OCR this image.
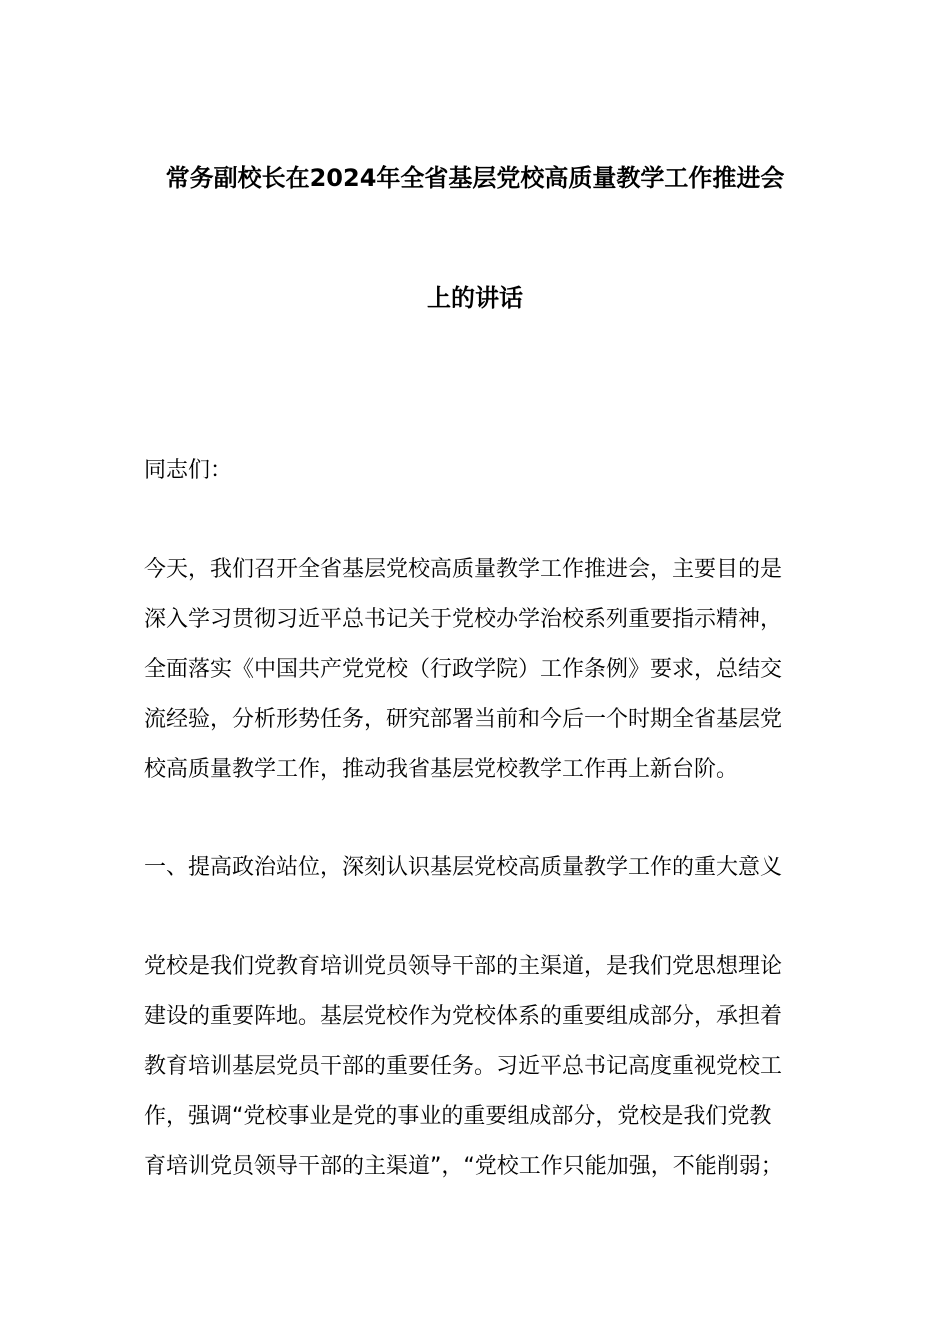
常务副校长在2024年全省基层党校高质量教学工作推进会
上的讲话
同志们：
今天，我们召开全省基层党校高质量教学工作推进会，主要目的是
深入学习贯彻习近平总书记关于党校办学治校系列重要指示精神，
全面落实《中国共产党党校（行政学院）工作条例》要求，总结交
流经验，分析形势任务，研究部署当前和今后一个时期全省基层党
校高质量教学工作，推动我省基层党校教学工作再上新台阶。
一、提高政治站位，深刻认识基层党校高质量教学工作的重大意义
党校是我们党教育培训党员领导干部的主渠道，是我们党思想理论
建设的重要阵地。基层党校作为党校体系的重要组成部分，承担着
教育培训基层党员干部的重要任务。习近平总书记高度重视党校工
作，强调“党校事业是党的事业的重要组成部分，党校是我们党教
育培训党员领导干部的主渠道”，“党校工作只能加强，不能削弱；
